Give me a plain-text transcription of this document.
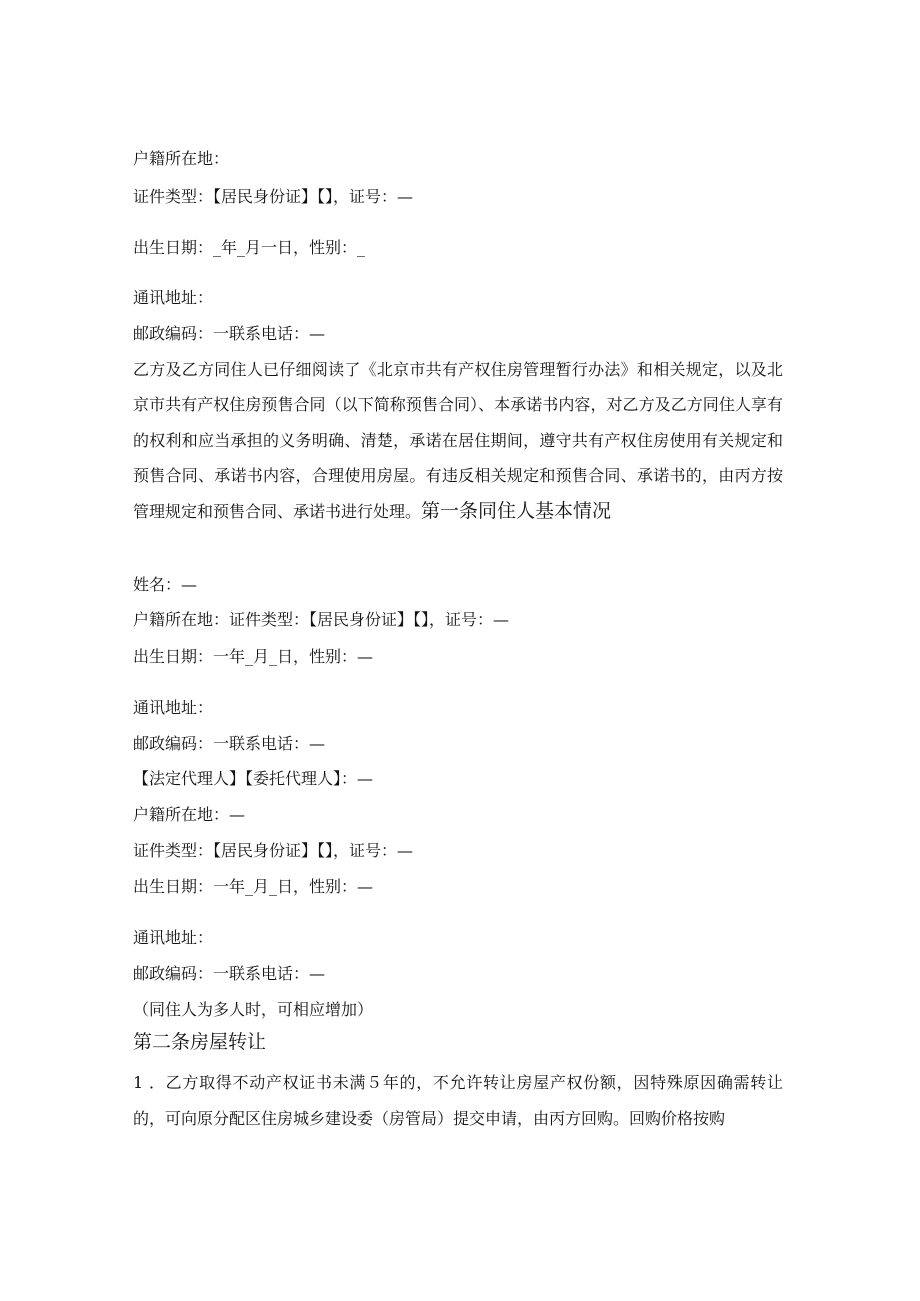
户籍所在地：
证件类型：【居民身份证】【】，证号：—
出生日期：_年_月一日，性别：_
通讯地址：
邮政编码：一联系电话：—
乙方及乙方同住人已仔细阅读了《北京市共有产权住房管理暂行办法》和相关规定，以及北京市共有产权住房预售合同（以下简称预售合同）、本承诺书内容，对乙方及乙方同住人享有的权利和应当承担的义务明确、清楚，承诺在居住期间，遵守共有产权住房使用有关规定和预售合同、承诺书内容，合理使用房屋。有违反相关规定和预售合同、承诺书的，由丙方按管理规定和预售合同、承诺书进行处理。第一条同住人基本情况
姓名：—
户籍所在地：证件类型：【居民身份证】【】，证号：—
出生日期：一年_月_日，性别：—
通讯地址：
邮政编码：一联系电话：—
【法定代理人】【委托代理人】：—
户籍所在地：—
证件类型：【居民身份证】【】，证号：—
出生日期：一年_月_日，性别：—
通讯地址：
邮政编码：一联系电话：—
（同住人为多人时，可相应增加）
第二条房屋转让
1 ．乙方取得不动产权证书未满５年的，不允许转让房屋产权份额，因特殊原因确需转让的，可向原分配区住房城乡建设委（房管局）提交申请，由丙方回购。回购价格按购
